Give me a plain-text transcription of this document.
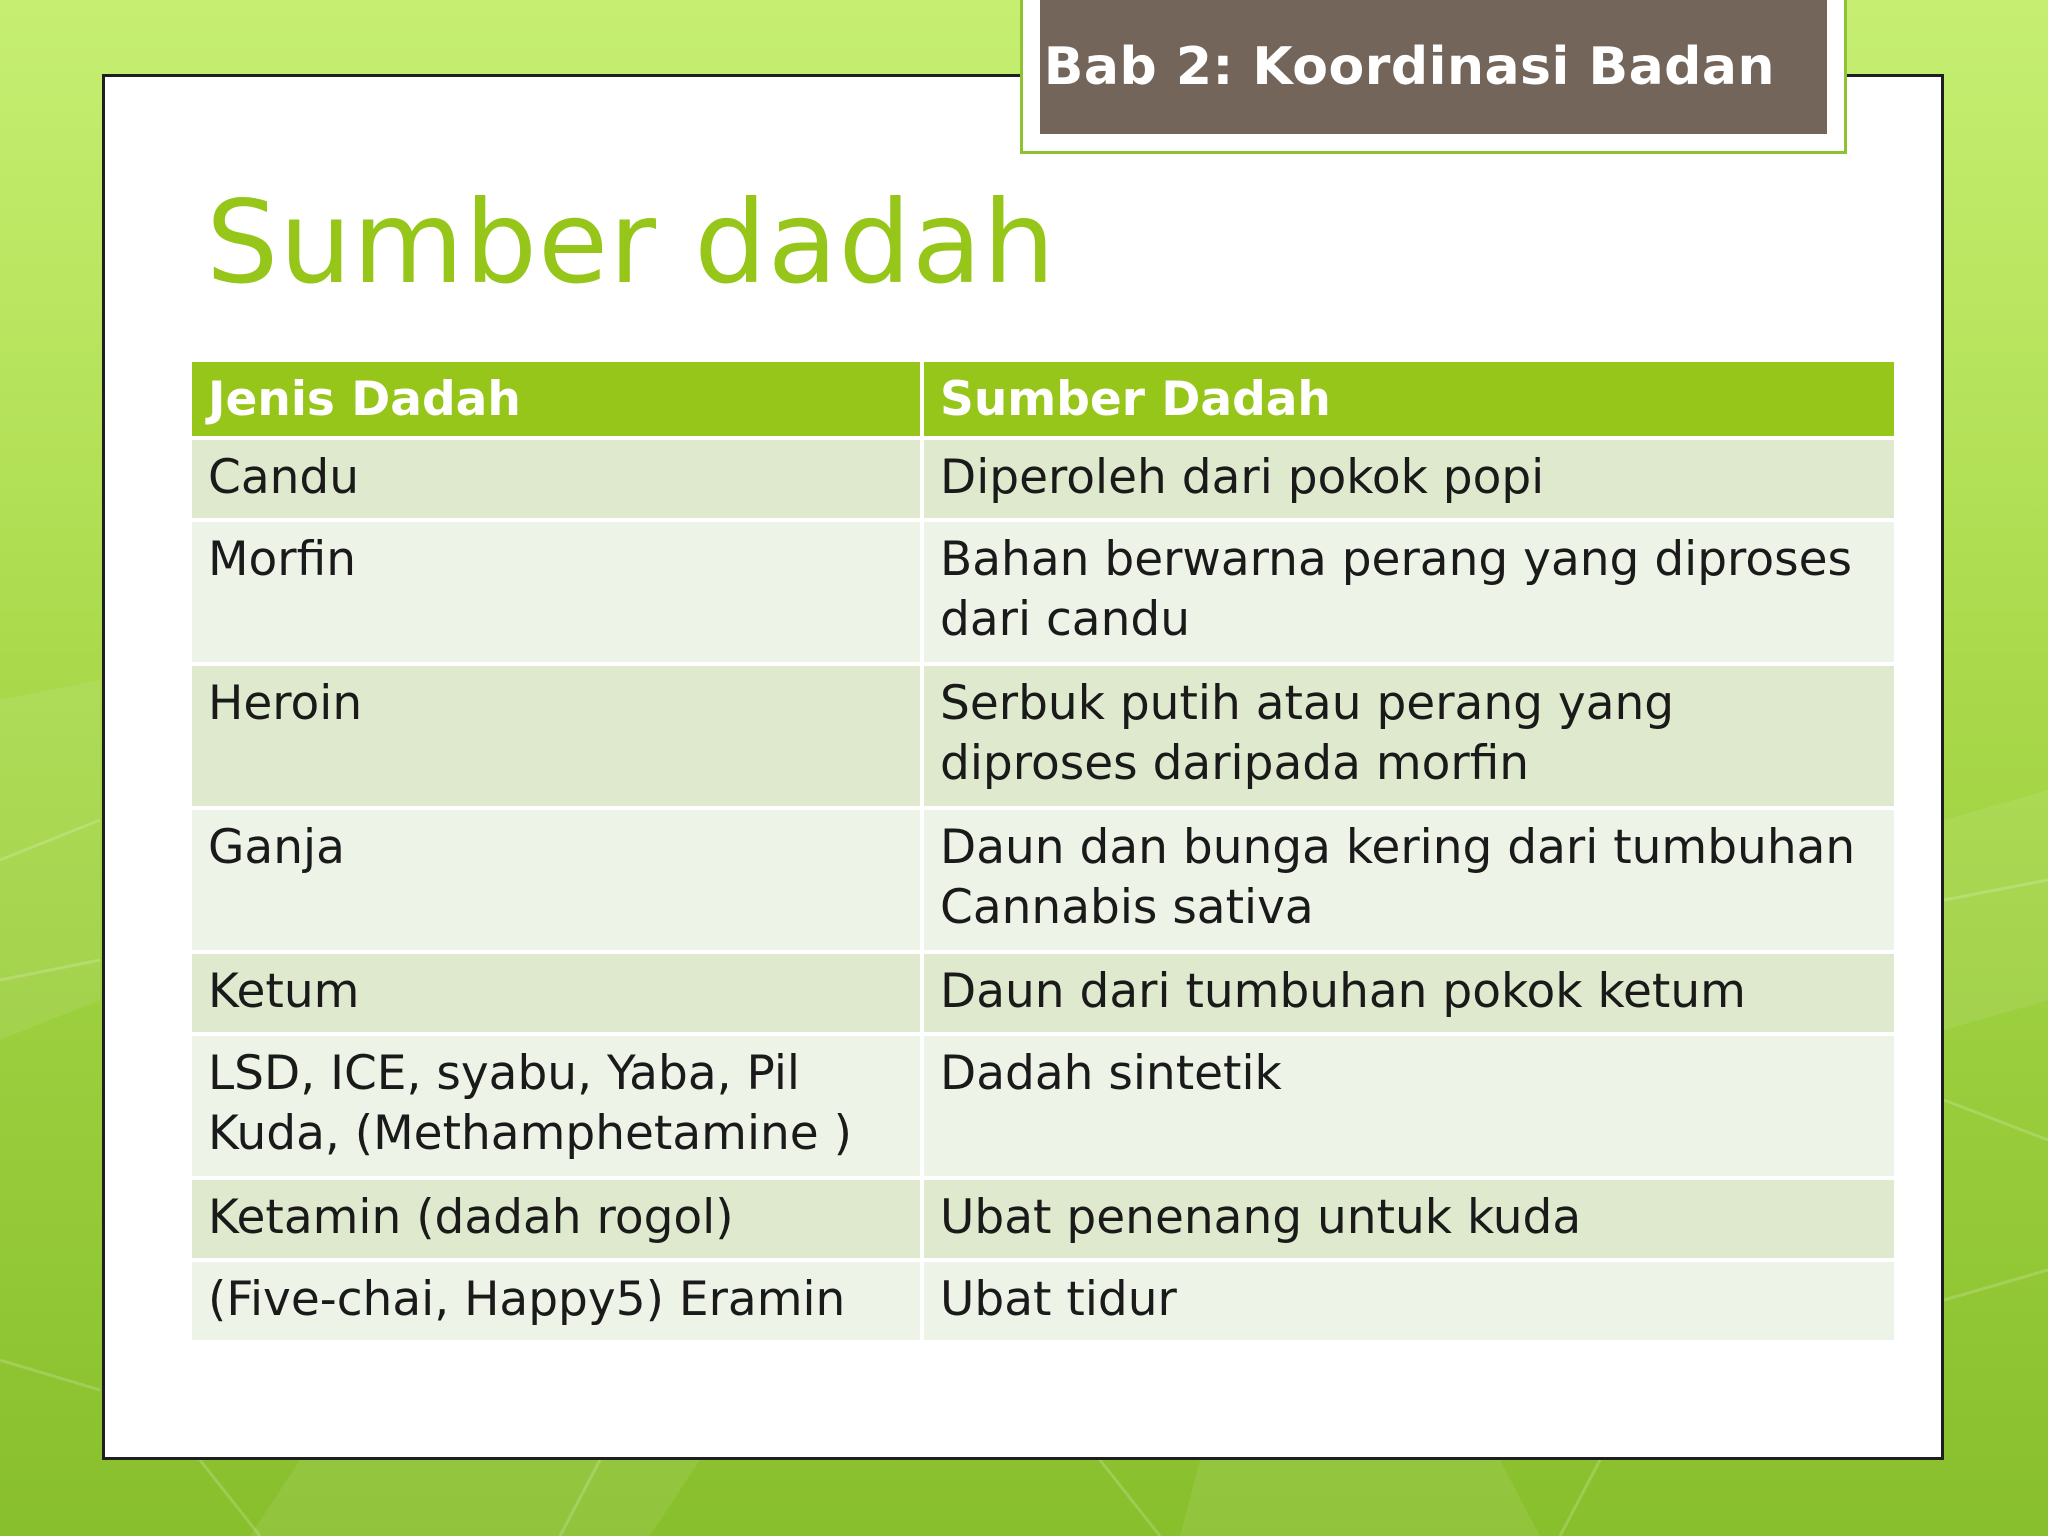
Bab 2: Koordinasi Badan
Sumber dadah
Jenis Dadah	Sumber Dadah
Candu	Diperoleh dari pokok popi
Morfin	Bahan berwarna perang yang diproses dari candu
Heroin	Serbuk putih atau perang yang diproses daripada morfin
Ganja	Daun dan bunga kering dari tumbuhan Cannabis sativa
Ketum	Daun dari tumbuhan pokok ketum
LSD, ICE, syabu, Yaba, Pil Kuda, (Methamphetamine )	Dadah sintetik
Ketamin (dadah rogol)	Ubat penenang untuk kuda
(Five-chai, Happy5) Eramin	Ubat tidur
